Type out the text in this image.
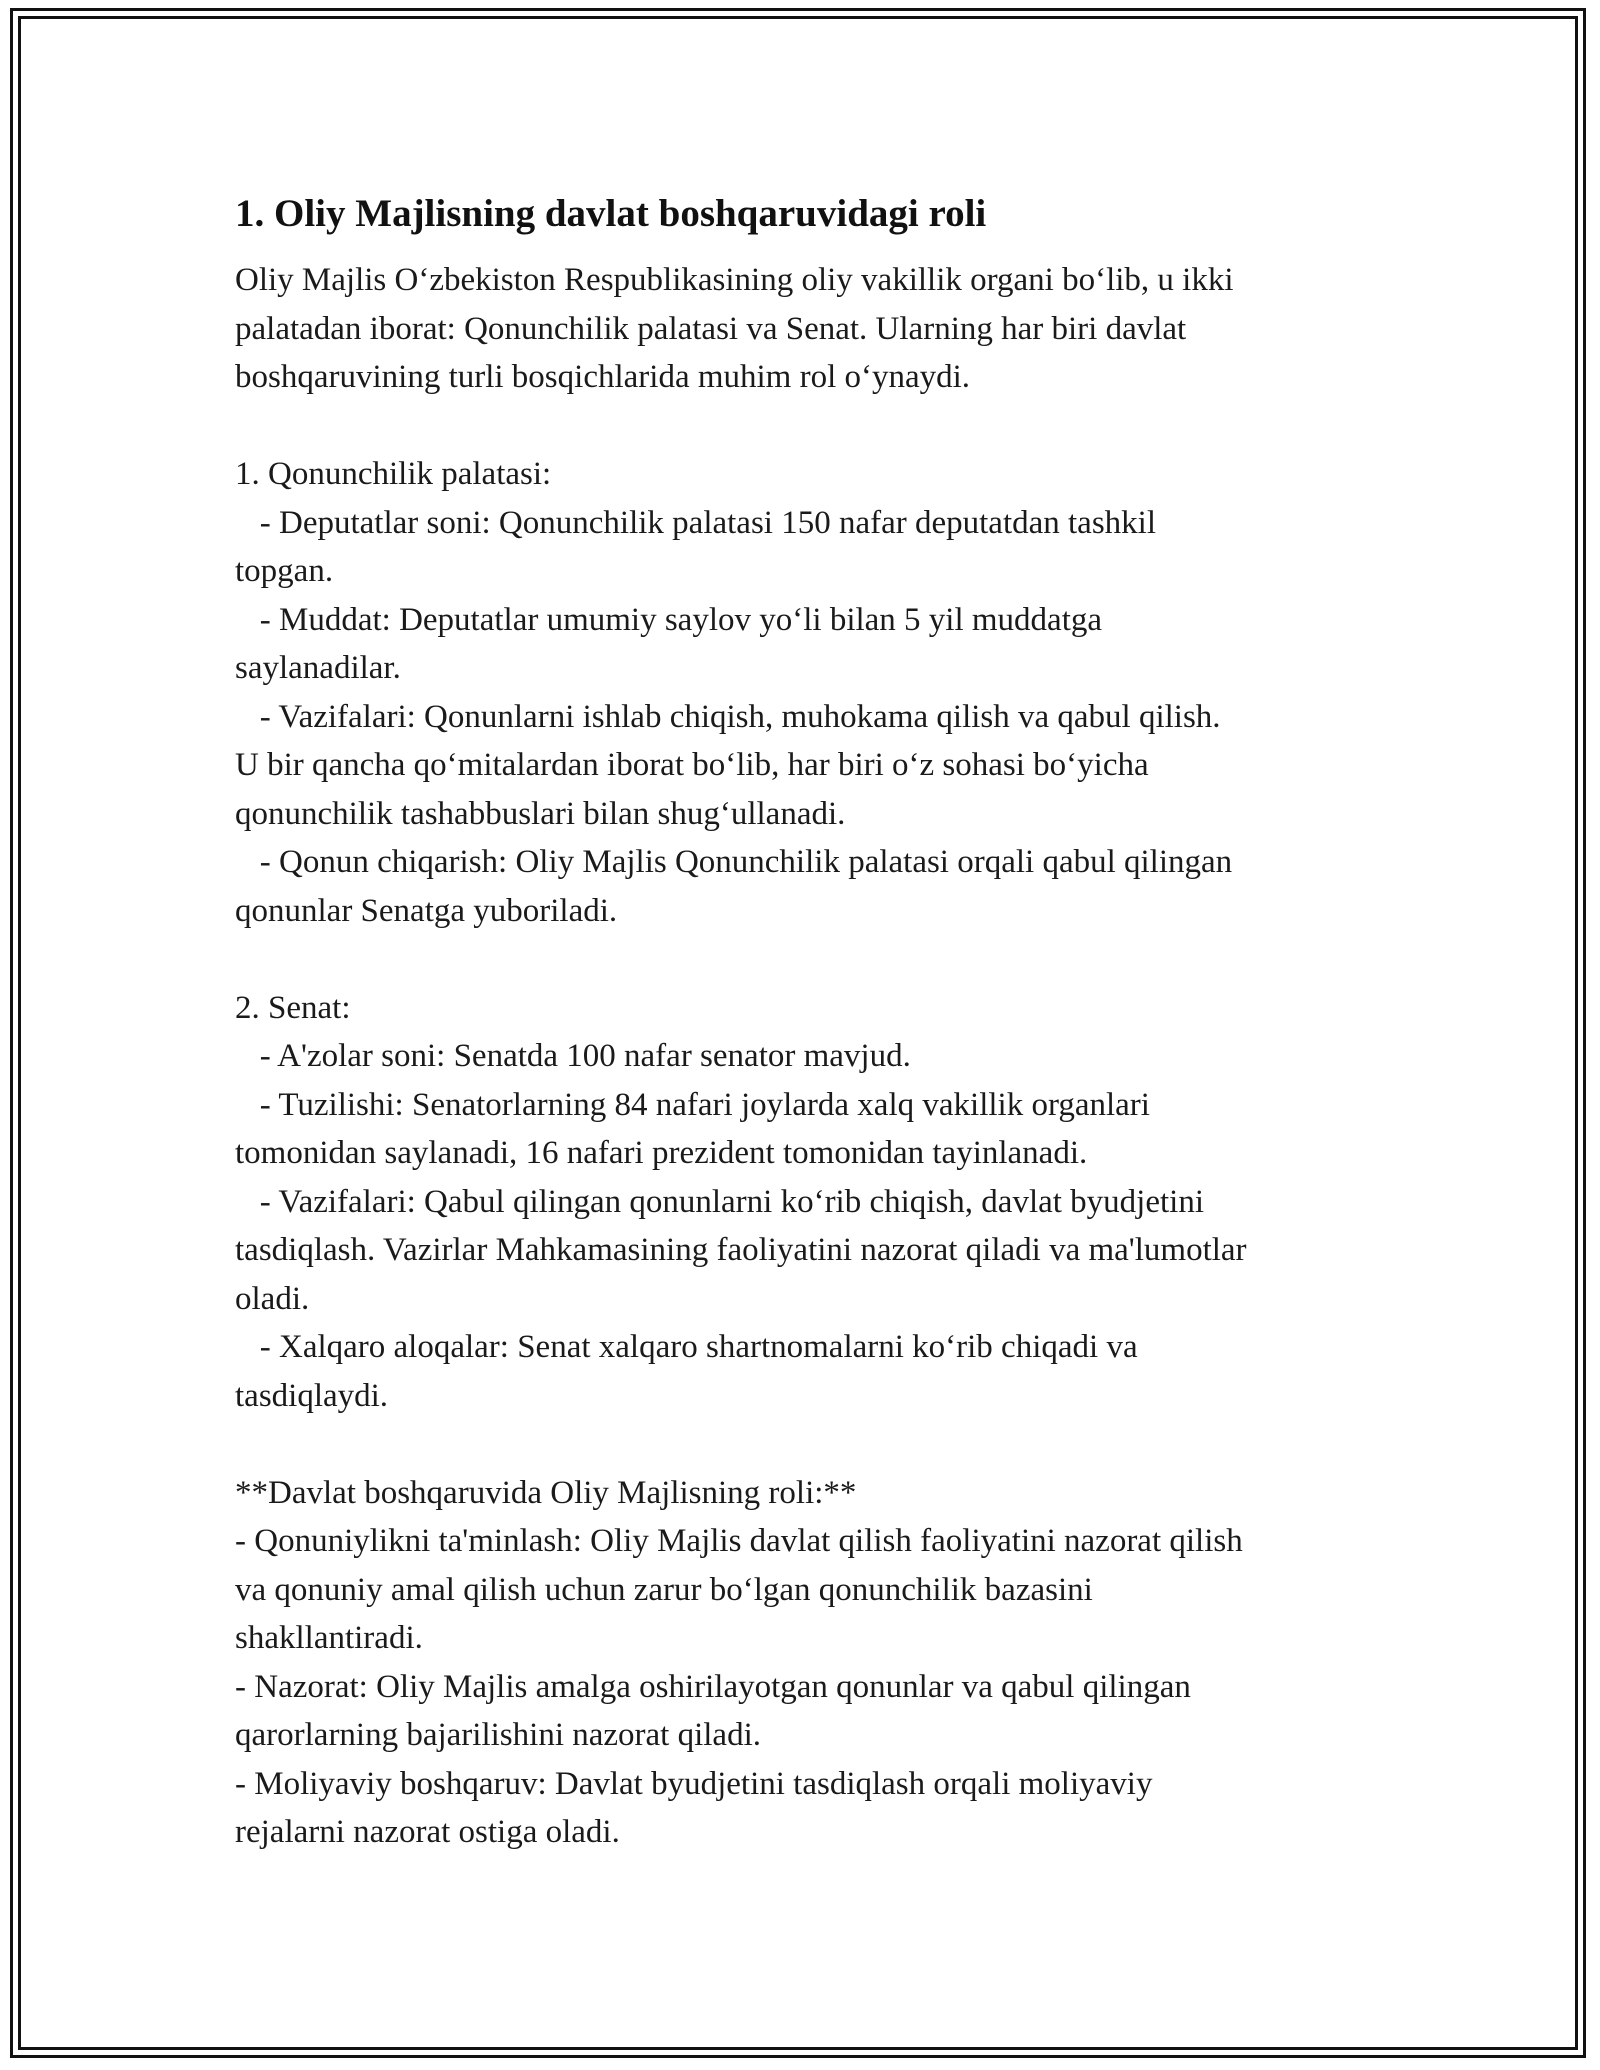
1. Oliy Majlisning davlat boshqaruvidagi roli
Oliy Majlis O‘zbekiston Respublikasining oliy vakillik organi bo‘lib, u ikki
palatadan iborat: Qonunchilik palatasi va Senat. Ularning har biri davlat
boshqaruvining turli bosqichlarida muhim rol o‘ynaydi.
1. Qonunchilik palatasi:
- Deputatlar soni: Qonunchilik palatasi 150 nafar deputatdan tashkil
topgan.
- Muddat: Deputatlar umumiy saylov yo‘li bilan 5 yil muddatga
saylanadilar.
- Vazifalari: Qonunlarni ishlab chiqish, muhokama qilish va qabul qilish.
U bir qancha qo‘mitalardan iborat bo‘lib, har biri o‘z sohasi bo‘yicha
qonunchilik tashabbuslari bilan shug‘ullanadi.
- Qonun chiqarish: Oliy Majlis Qonunchilik palatasi orqali qabul qilingan
qonunlar Senatga yuboriladi.
2. Senat:
- A'zolar soni: Senatda 100 nafar senator mavjud.
- Tuzilishi: Senatorlarning 84 nafari joylarda xalq vakillik organlari
tomonidan saylanadi, 16 nafari prezident tomonidan tayinlanadi.
- Vazifalari: Qabul qilingan qonunlarni ko‘rib chiqish, davlat byudjetini
tasdiqlash. Vazirlar Mahkamasining faoliyatini nazorat qiladi va ma'lumotlar
oladi.
- Xalqaro aloqalar: Senat xalqaro shartnomalarni ko‘rib chiqadi va
tasdiqlaydi.
**Davlat boshqaruvida Oliy Majlisning roli:**
- Qonuniylikni ta'minlash: Oliy Majlis davlat qilish faoliyatini nazorat qilish
va qonuniy amal qilish uchun zarur bo‘lgan qonunchilik bazasini
shakllantiradi.
- Nazorat: Oliy Majlis amalga oshirilayotgan qonunlar va qabul qilingan
qarorlarning bajarilishini nazorat qiladi.
- Moliyaviy boshqaruv: Davlat byudjetini tasdiqlash orqali moliyaviy
rejalarni nazorat ostiga oladi.
